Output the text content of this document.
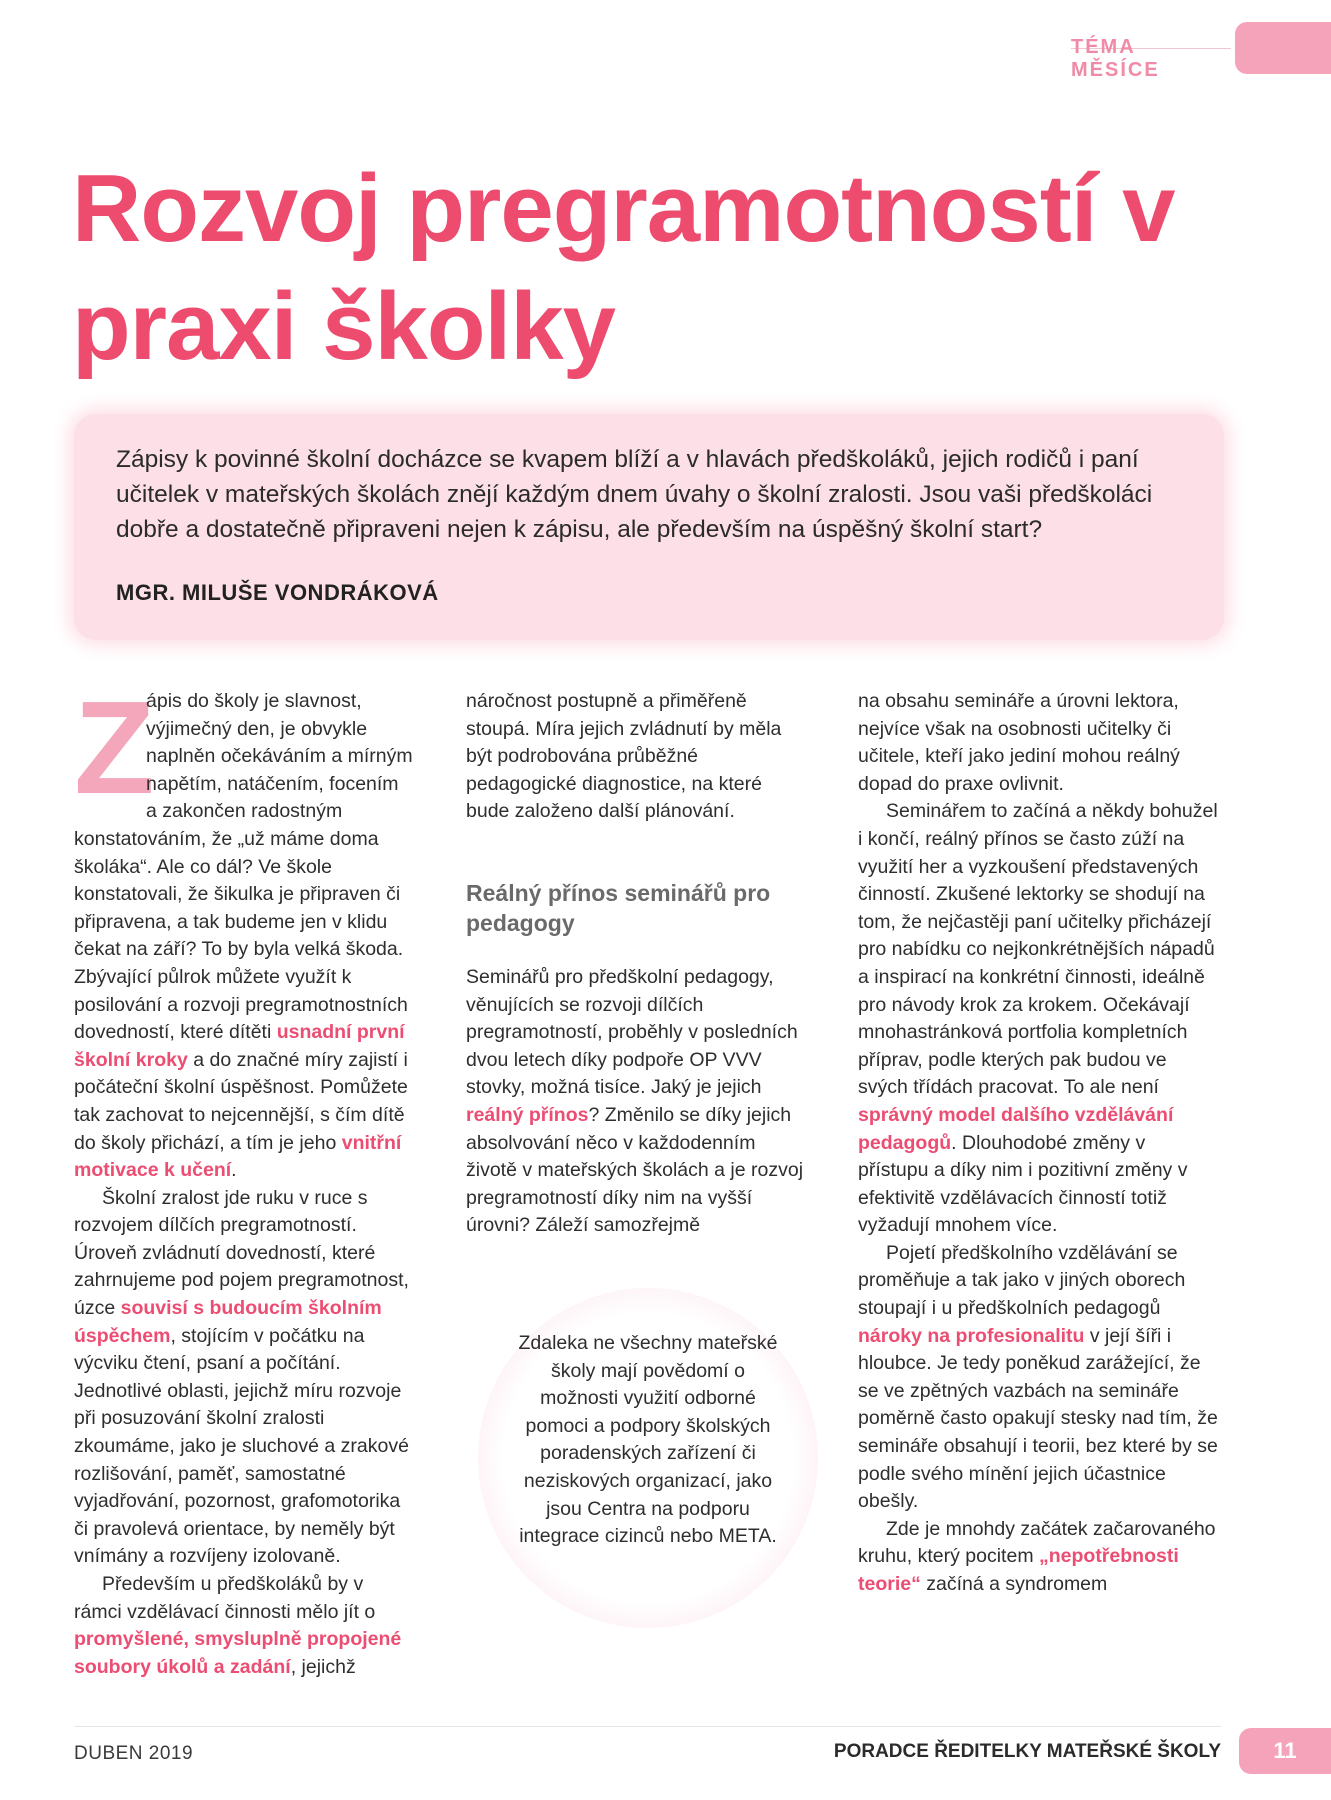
TÉMA MĚSÍCE
Rozvoj pregramotností v praxi školky

Zápisy k povinné školní docházce se kvapem blíží a v hlavách předškoláků, jejich rodičů i paní učitelek v mateřských školách znějí každým dnem úvahy o školní zralosti. Jsou vaši předškoláci dobře a dostatečně připraveni nejen k zápisu, ale především na úspěšný školní start?

MGR. MILUŠE VONDRÁKOVÁ

Z
ápis do školy je slavnost, výjimečný den, je obvykle naplněn očekáváním a mírným napětím, natáčením, focením a zakončen radostným konstatováním, že „už máme doma školáka“. Ale co dál? Ve škole konstatovali, že šikulka je připraven či připravena, a tak budeme jen v klidu čekat na září? To by byla velká škoda. Zbývající půlrok můžete využít k posilování a rozvoji pregramotnostních dovedností, které dítěti usnadní první školní kroky a do značné míry zajistí i počáteční školní úspěšnost. Pomůžete tak zachovat to nejcennější, s čím dítě do školy přichází, a tím je jeho vnitřní motivace k učení.

Školní zralost jde ruku v ruce s rozvojem dílčích pregramotností. Úroveň zvládnutí dovedností, které zahrnujeme pod pojem pregramotnost, úzce souvisí s budoucím školním úspěchem, stojícím v počátku na výcviku čtení, psaní a počítání. Jednotlivé oblasti, jejichž míru rozvoje při posuzování školní zralosti zkoumáme, jako je sluchové a zrakové rozlišování, paměť, samostatné vyjadřování, pozornost, grafomotorika či pravolevá orientace, by neměly být vnímány a rozvíjeny izolovaně.

Především u předškoláků by v rámci vzdělávací činnosti mělo jít o promyšlené, smysluplně propojené soubory úkolů a zadání, jejichž

náročnost postupně a přiměřeně stoupá. Míra jejich zvládnutí by měla být podrobována průběžné pedagogické diagnostice, na které bude založeno další plánování.

Reálný přínos seminářů pro pedagogy

Seminářů pro předškolní pedagogy, věnujících se rozvoji dílčích pregramotností, proběhly v posledních dvou letech díky podpoře OP VVV stovky, možná tisíce. Jaký je jejich reálný přínos? Změnilo se díky jejich absolvování něco v každodenním životě v mateřských školách a je rozvoj pregramotností díky nim na vyšší úrovni? Záleží samozřejmě

Zdaleka ne všechny mateřské školy mají povědomí o možnosti využití odborné pomoci a podpory školských poradenských zařízení či neziskových organizací, jako jsou Centra na podporu integrace cizinců nebo META.

na obsahu semináře a úrovni lektora, nejvíce však na osobnosti učitelky či učitele, kteří jako jediní mohou reálný dopad do praxe ovlivnit.

Seminářem to začíná a někdy bohužel i končí, reálný přínos se často zúží na využití her a vyzkoušení představených činností. Zkušené lektorky se shodují na tom, že nejčastěji paní učitelky přicházejí pro nabídku co nejkonkrétnějších nápadů a inspirací na konkrétní činnosti, ideálně pro návody krok za krokem. Očekávají mnohastránková portfolia kompletních příprav, podle kterých pak budou ve svých třídách pracovat. To ale není správný model dalšího vzdělávání pedagogů. Dlouhodobé změny v přístupu a díky nim i pozitivní změny v efektivitě vzdělávacích činností totiž vyžadují mnohem více.

Pojetí předškolního vzdělávání se proměňuje a tak jako v jiných oborech stoupají i u předškolních pedagogů nároky na profesionalitu v její šíři i hloubce. Je tedy poněkud zarážející, že se ve zpětných vazbách na semináře poměrně často opakují stesky nad tím, že semináře obsahují i teorii, bez které by se podle svého mínění jejich účastnice obešly.

Zde je mnohdy začátek začarovaného kruhu, který pocitem „nepotřebnosti teorie“ začíná a syndromem

DUBEN 2019	PORADCE ŘEDITELKY MATEŘSKÉ ŠKOLY	11
